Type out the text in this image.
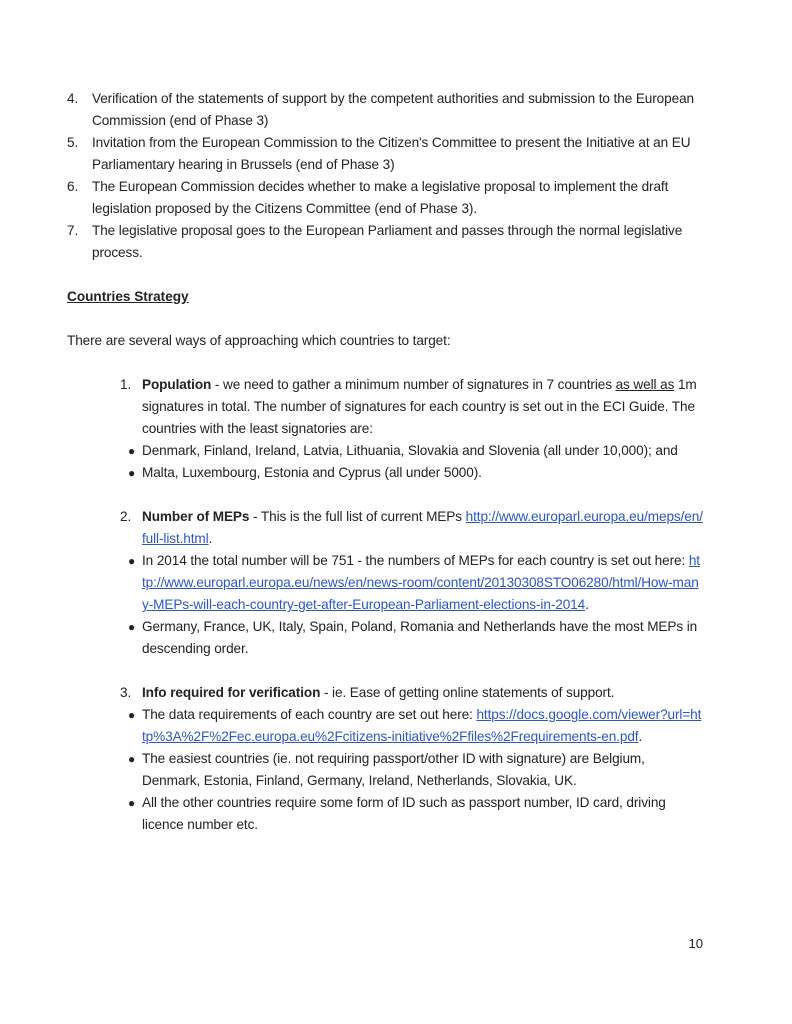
4.	Verification of the statements of support by the competent authorities and submission to the European Commission (end of Phase 3)
5.	Invitation from the European Commission to the Citizen's Committee to present the Initiative at an EU Parliamentary hearing in Brussels (end of Phase 3)
6.	The European Commission decides whether to make a legislative proposal to implement the draft legislation proposed by the Citizens Committee (end of Phase 3).
7.	The legislative proposal goes to the European Parliament and passes through the normal legislative process.
Countries Strategy
There are several ways of approaching which countries to target:
1. Population - we need to gather a minimum number of signatures in 7 countries as well as 1m signatures in total. The number of signatures for each country is set out in the ECI Guide. The countries with the least signatories are:
● Denmark, Finland, Ireland, Latvia, Lithuania, Slovakia and Slovenia (all under 10,000); and
● Malta, Luxembourg, Estonia and Cyprus (all under 5000).
2. Number of MEPs - This is the full list of current MEPs http://www.europarl.europa.eu/meps/en/full-list.html.
● In 2014 the total number will be 751 - the numbers of MEPs for each country is set out here: http://www.europarl.europa.eu/news/en/news-room/content/20130308STO06280/html/How-many-MEPs-will-each-country-get-after-European-Parliament-elections-in-2014.
● Germany, France, UK, Italy, Spain, Poland, Romania and Netherlands have the most MEPs in descending order.
3. Info required for verification - ie. Ease of getting online statements of support.
● The data requirements of each country are set out here: https://docs.google.com/viewer?url=http%3A%2F%2Fec.europa.eu%2Fcitizens-initiative%2Ffiles%2Frequirements-en.pdf.
● The easiest countries (ie. not requiring passport/other ID with signature) are Belgium, Denmark, Estonia, Finland, Germany, Ireland, Netherlands, Slovakia, UK.
● All the other countries require some form of ID such as passport number, ID card, driving licence number etc.
10
